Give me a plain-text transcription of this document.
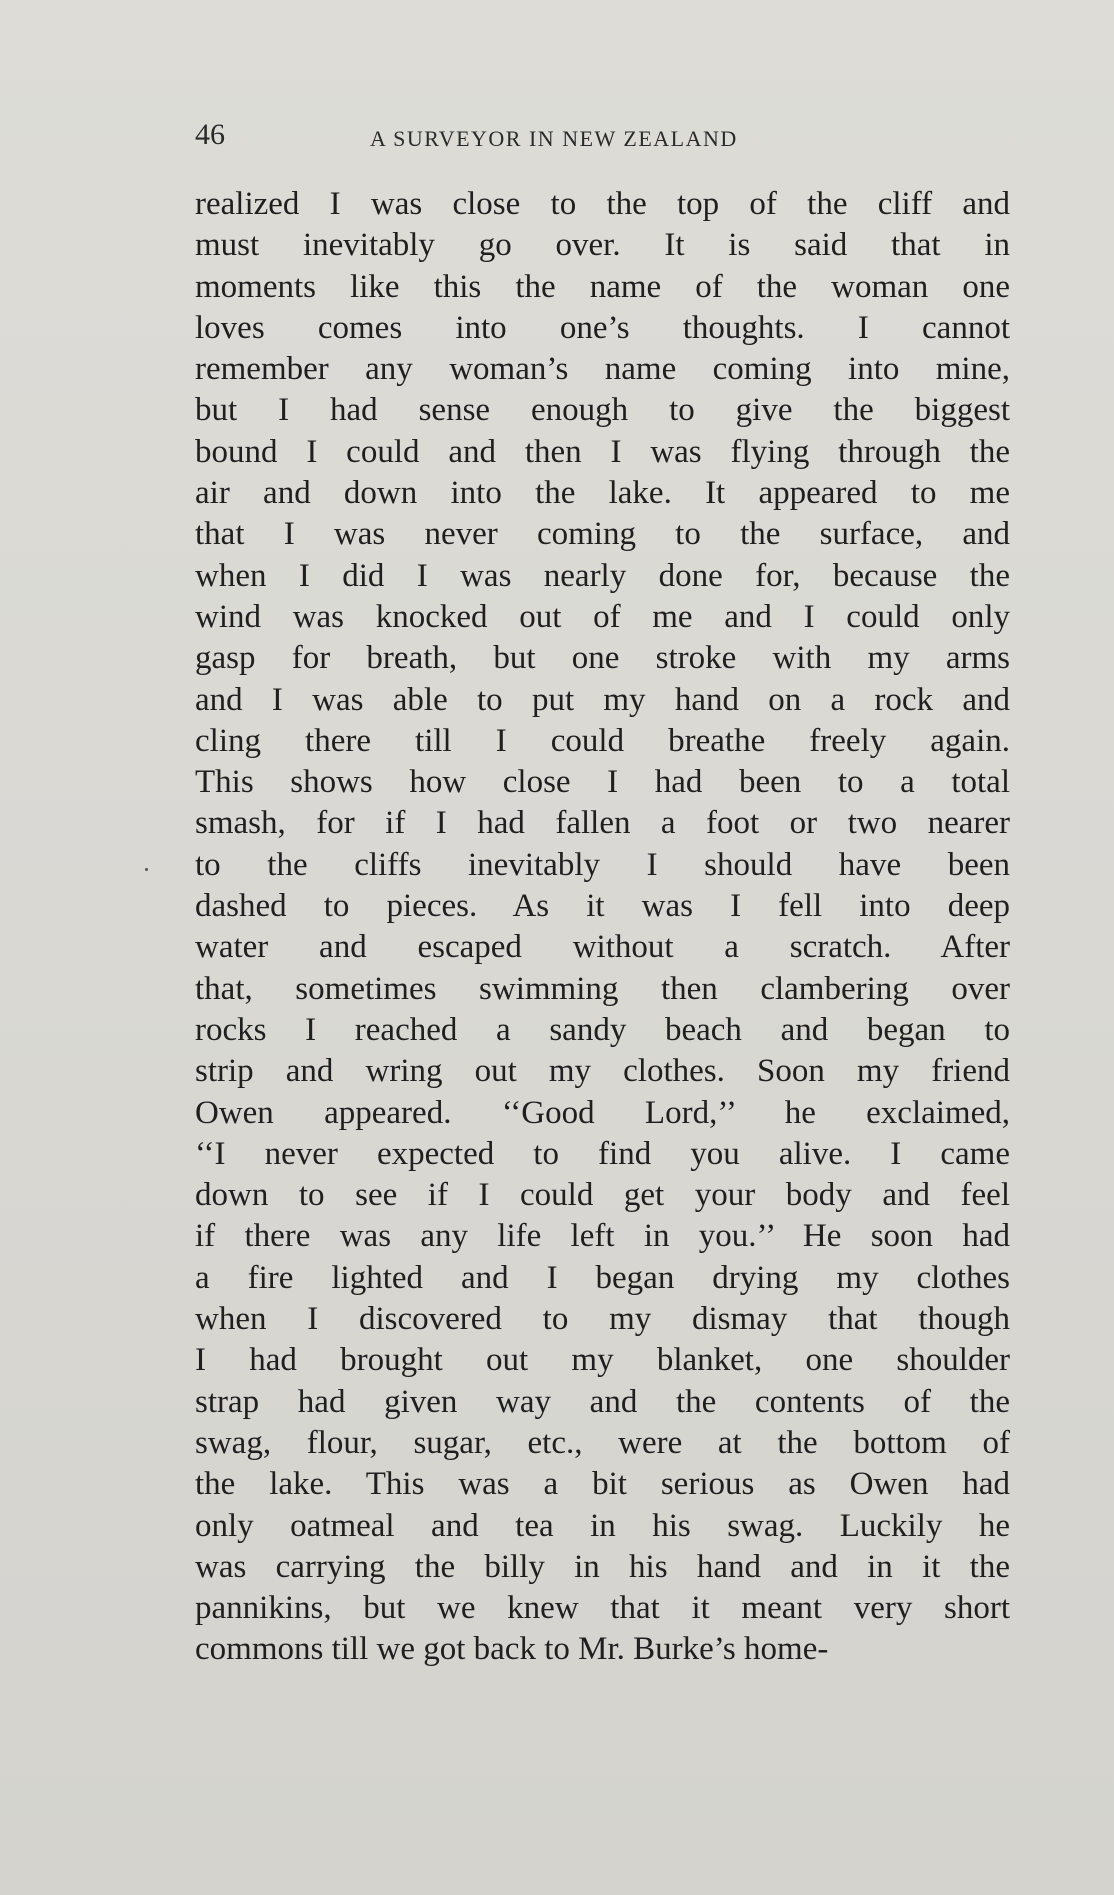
46	A SURVEYOR IN NEW ZEALAND
realized I was close to the top of the cliff and
must inevitably go over. It is said that in
moments like this the name of the woman one
loves comes into one’s thoughts. I cannot
remember any woman’s name coming into mine,
but I had sense enough to give the biggest
bound I could and then I was flying through the
air and down into the lake. It appeared to me
that I was never coming to the surface, and
when I did I was nearly done for, because the
wind was knocked out of me and I could only
gasp for breath, but one stroke with my arms
and I was able to put my hand on a rock and
cling there till I could breathe freely again.
This shows how close I had been to a total
smash, for if I had fallen a foot or two nearer
to the cliffs inevitably I should have been
dashed to pieces. As it was I fell into deep
water and escaped without a scratch. After
that, sometimes swimming then clambering over
rocks I reached a sandy beach and began to
strip and wring out my clothes. Soon my friend
Owen appeared. ‘‘Good Lord,’’ he exclaimed,
‘‘I never expected to find you alive. I came
down to see if I could get your body and feel
if there was any life left in you.’’ He soon had
a fire lighted and I began drying my clothes
when I discovered to my dismay that though
I had brought out my blanket, one shoulder
strap had given way and the contents of the
swag, flour, sugar, etc., were at the bottom of
the lake. This was a bit serious as Owen had
only oatmeal and tea in his swag. Luckily he
was carrying the billy in his hand and in it the
pannikins, but we knew that it meant very short
commons till we got back to Mr. Burke’s home-
